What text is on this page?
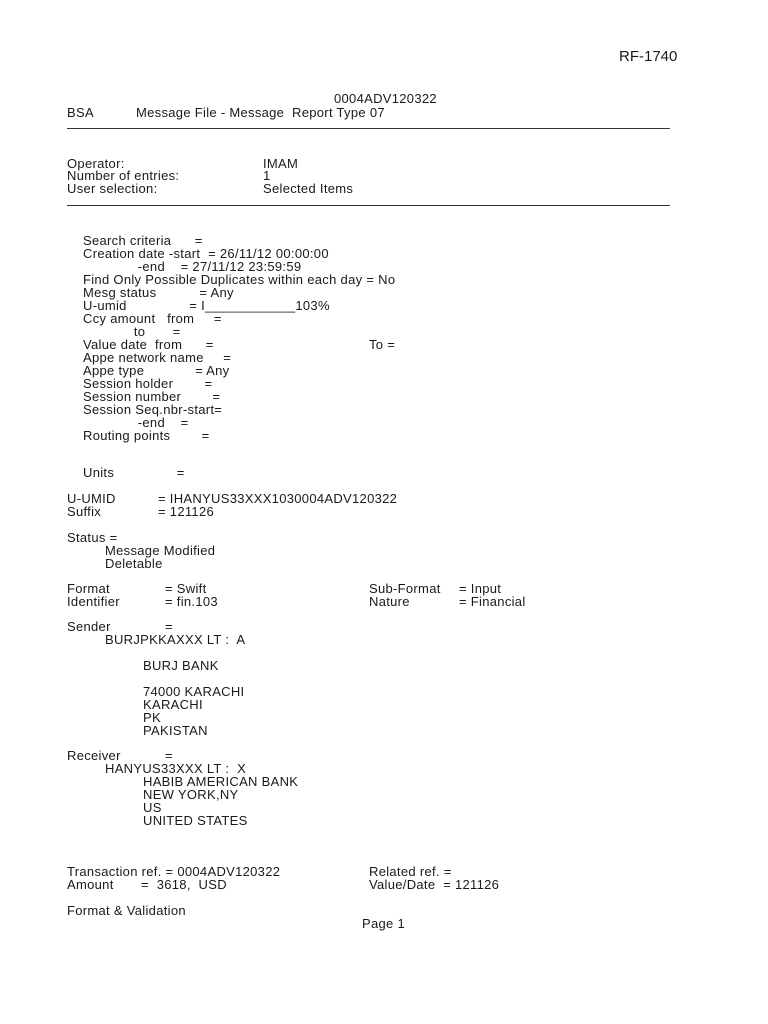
RF-1740
0004ADV120322
BSA	Message File - Message  Report Type 07
Operator:	IMAM
Number of entries:	1
User selection:	Selected Items
Search criteria      =
Creation date -start  = 26/11/12 00:00:00
-end    = 27/11/12 23:59:59
Find Only Possible Duplicates within each day = No
Mesg status           = Any
U-umid                = I____________103%
Ccy amount   from     =
to       =
Value date  from      =	To =
Appe network name     =
Appe type             = Any
Session holder        =
Session number        =
Session Seq.nbr-start=
-end    =
Routing points        =
Units                =
U-UMID	= IHANYUS33XXX1030004ADV120322
Suffix	= 121126
Status =
Message Modified
Deletable
Format	= Swift	Sub-Format = Input
Identifier	= fin.103	Nature	= Financial
Sender	=
BURJPKKAXXX LT :  A
BURJ BANK
74000 KARACHI
KARACHI
PK
PAKISTAN
Receiver	=
HANYUS33XXX LT :  X
HABIB AMERICAN BANK
NEW YORK,NY
US
UNITED STATES
Transaction ref. = 0004ADV120322	Related ref. =
Amount       =  3618,  USD	Value/Date  = 121126
Format & Validation
Page 1
